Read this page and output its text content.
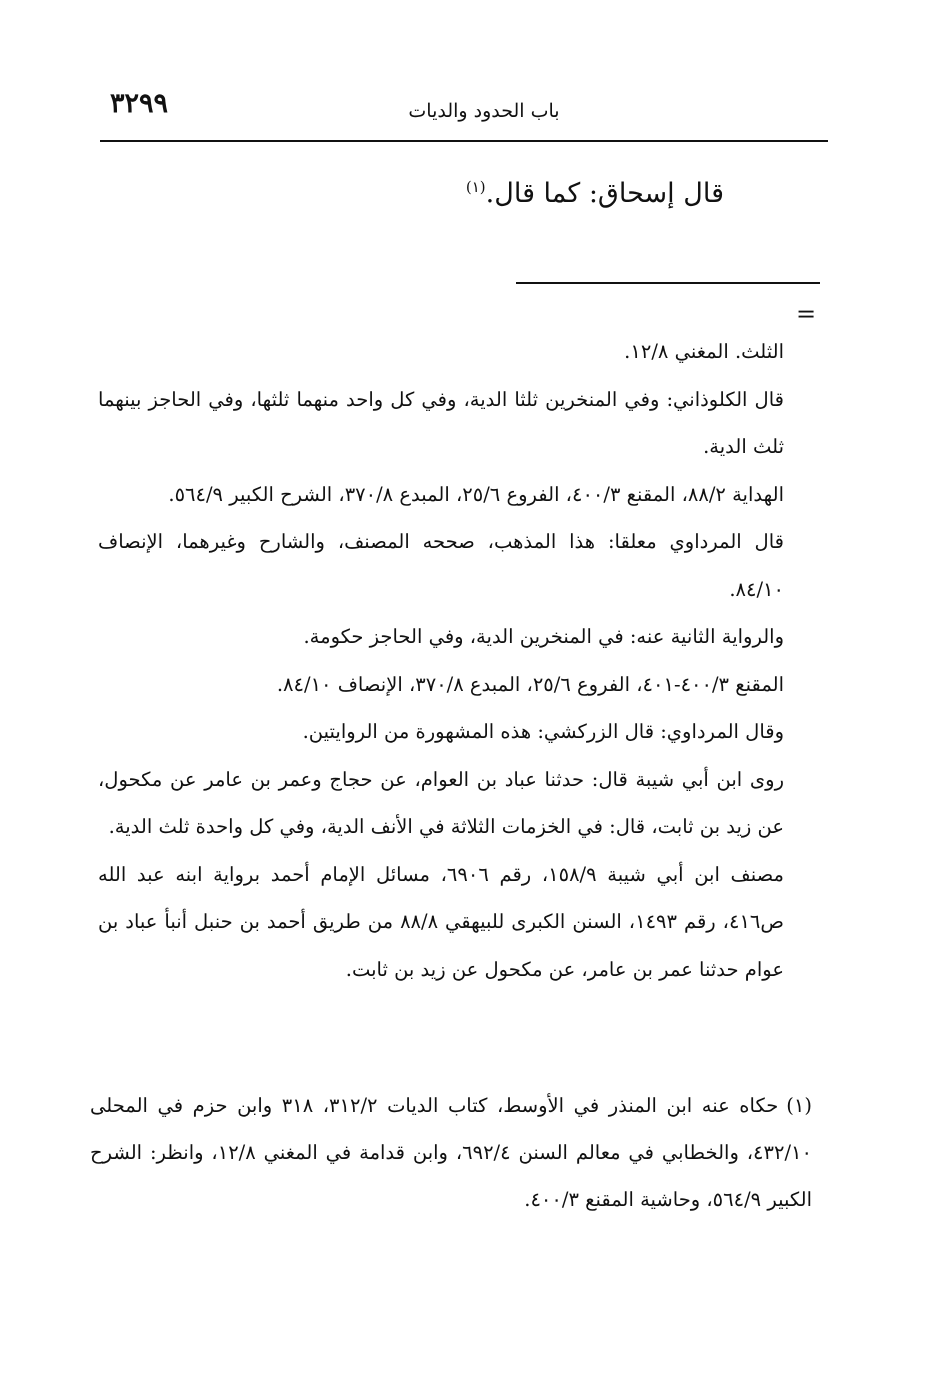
٣٢٩٩	باب الحدود والديات
قال إسحاق: كما قال.$^{(١)}$
=

الثلث. المغني ١٢/٨.

قال الكلوذاني: وفي المنخرين ثلثا الدية، وفي كل واحد منهما ثلثها، وفي الحاجز بينهما ثلث الدية.

الهداية ٨٨/٢، المقنع ٤٠٠/٣، الفروع ٢٥/٦، المبدع ٣٧٠/٨، الشرح الكبير ٥٦٤/٩.

قال المرداوي معلقا: هذا المذهب، صححه المصنف، والشارح وغيرهما، الإنصاف ٨٤/١٠.

والرواية الثانية عنه: في المنخرين الدية، وفي الحاجز حكومة.

المقنع ٤٠٠/٣-٤٠١، الفروع ٢٥/٦، المبدع ٣٧٠/٨، الإنصاف ٨٤/١٠.

وقال المرداوي: قال الزركشي: هذه المشهورة من الروايتين.

روى ابن أبي شيبة قال: حدثنا عباد بن العوام، عن حجاج وعمر بن عامر عن مكحول، عن زيد بن ثابت، قال: في الخزمات الثلاثة في الأنف الدية، وفي كل واحدة ثلث الدية.

مصنف ابن أبي شيبة ١٥٨/٩، رقم ٦٩٠٦، مسائل الإمام أحمد برواية ابنه عبد الله ص٤١٦، رقم ١٤٩٣، السنن الكبرى للبيهقي ٨٨/٨ من طريق أحمد بن حنبل أنبأ عباد بن عوام حدثنا عمر بن عامر، عن مكحول عن زيد بن ثابت.

(١)حكاه عنه ابن المنذر في الأوسط، كتاب الديات ٣١٢/٢، ٣١٨ وابن حزم في المحلى ٤٣٢/١٠، والخطابي في معالم السنن ٦٩٢/٤، وابن قدامة في المغني ١٢/٨، وانظر: الشرح الكبير ٥٦٤/٩، وحاشية المقنع ٤٠٠/٣.
